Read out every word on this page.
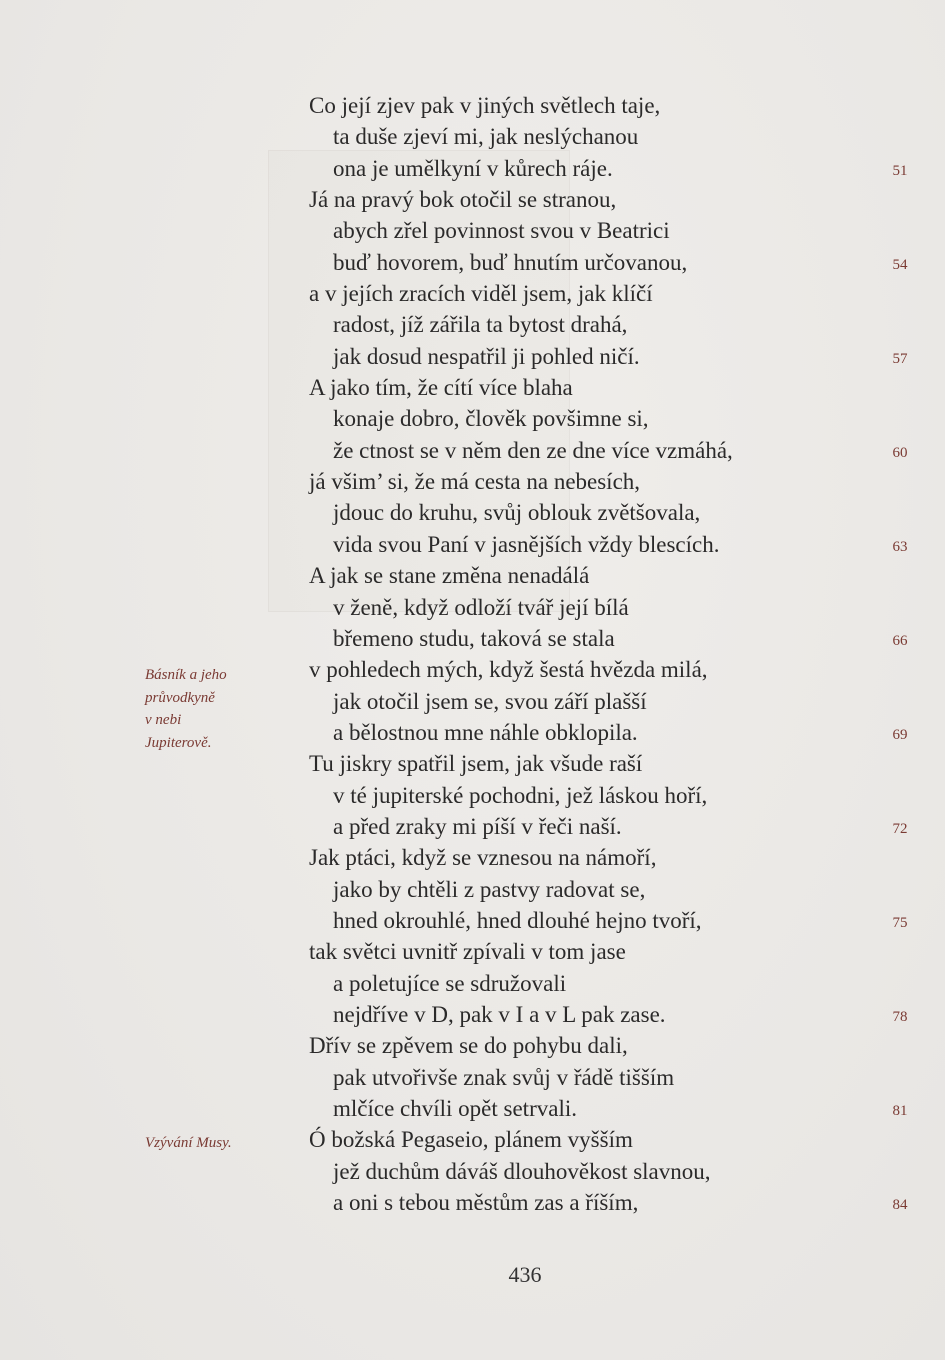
Co její zjev pak v jiných světlech taje,
ta duše zjeví mi, jak neslýchanou
ona je umělkyní v kůrech ráje.	51
Já na pravý bok otočil se stranou,
abych zřel povinnost svou v Beatrici
buď hovorem, buď hnutím určovanou,	54
a v jejích zracích viděl jsem, jak klíčí
radost, jíž zářila ta bytost drahá,
jak dosud nespatřil ji pohled ničí.	57
A jako tím, že cítí více blaha
konaje dobro, člověk povšimne si,
že ctnost se v něm den ze dne více vzmáhá,	60
já všim’ si, že má cesta na nebesích,
jdouc do kruhu, svůj oblouk zvětšovala,
vida svou Paní v jasnějších vždy blescích.	63
A jak se stane změna nenadálá
v ženě, když odloží tvář její bílá
břemeno studu, taková se stala	66
v pohledech mých, když šestá hvězda milá,
jak otočil jsem se, svou září plašší
a bělostnou mne náhle obklopila.	69
Tu jiskry spatřil jsem, jak všude raší
v té jupiterské pochodni, jež láskou hoří,
a před zraky mi píší v řeči naší.	72
Jak ptáci, když se vznesou na námoří,
jako by chtěli z pastvy radovat se,
hned okrouhlé, hned dlouhé hejno tvoří,	75
tak světci uvnitř zpívali v tom jase
a poletujíce se sdružovali
nejdříve v D, pak v I a v L pak zase.	78
Dřív se zpěvem se do pohybu dali,
pak utvořivše znak svůj v řádě tišším
mlčíce chvíli opět setrvali.	81
Ó božská Pegaseio, plánem vyšším
jež duchům dáváš dlouhověkost slavnou,
a oni s tebou městům zas a říším,	84
Básník a jeho
průvodkyně
v nebi
Jupiterově.
Vzývání Musy.
436
